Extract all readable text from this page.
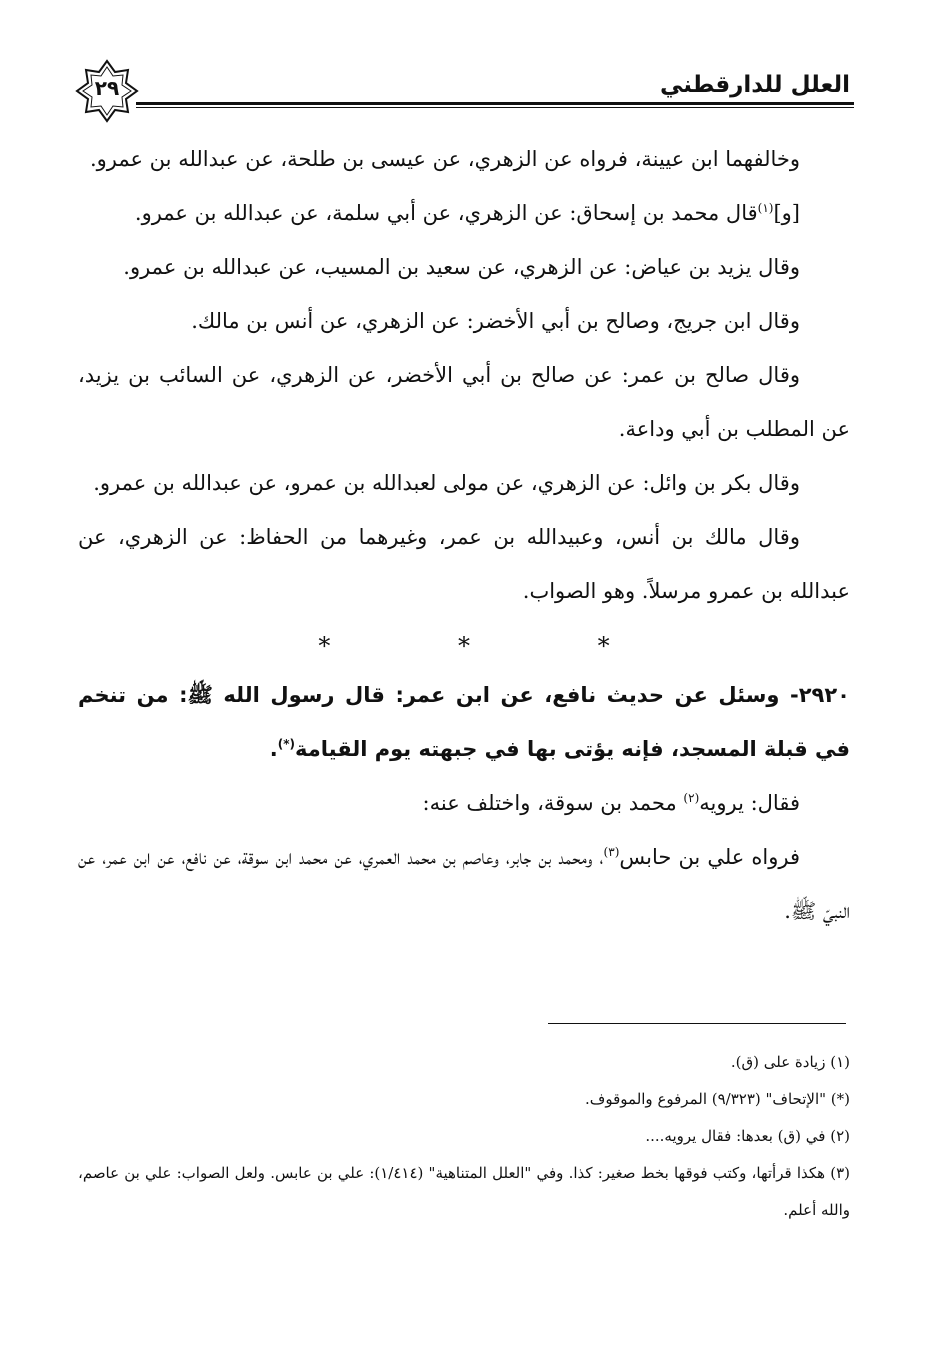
٢٩	العلل للدارقطني

وخالفهما ابن عيينة، فرواه عن الزهري، عن عيسى بن طلحة، عن عبدالله بن عمرو.

[و]$^{(١)}$قال محمد بن إسحاق: عن الزهري، عن أبي سلمة، عن عبدالله بن عمرو.

وقال يزيد بن عياض: عن الزهري، عن سعيد بن المسيب، عن عبدالله بن عمرو.

وقال ابن جريج، وصالح بن أبي الأخضر: عن الزهري، عن أنس بن مالك.

وقال صالح بن عمر: عن صالح بن أبي الأخضر، عن الزهري، عن السائب بن يزيد، عن المطلب بن أبي وداعة.

وقال بكر بن وائل: عن الزهري، عن مولى لعبدالله بن عمرو، عن عبدالله بن عمرو.

وقال مالك بن أنس، وعبيدالله بن عمر، وغيرهما من الحفاظ: عن الزهري، عن عبدالله بن عمرو مرسلاً. وهو الصواب.

* * *

٢٩٢٠- وسئل عن حديث نافع، عن ابن عمر: قال رسول الله ﷺ: من تنخم في قبلة المسجد، فإنه يؤتى بها في جبهته يوم القيامة(*).

فقال: يرويه$^{(٢)}$ محمد بن سوقة، واختلف عنه:

فرواه علي بن حابس$^{(٣)}$، ومحمد بن جابر، وعاصم بن محمد العمري، عن محمد ابن سوقة، عن نافع، عن ابن عمر، عن النبيّ ﷺ.

(١) زيادة على (ق).

(*) "الإتحاف" (٩/٣٢٣) المرفوع والموقوف.

(٢) في (ق) بعدها: فقال يرويه....

(٣) هكذا قرأتها، وكتب فوقها بخط صغير: كذا. وفي "العلل المتناهية" (١/٤١٤): علي بن عابس. ولعل الصواب: علي بن عاصم، والله أعلم.
